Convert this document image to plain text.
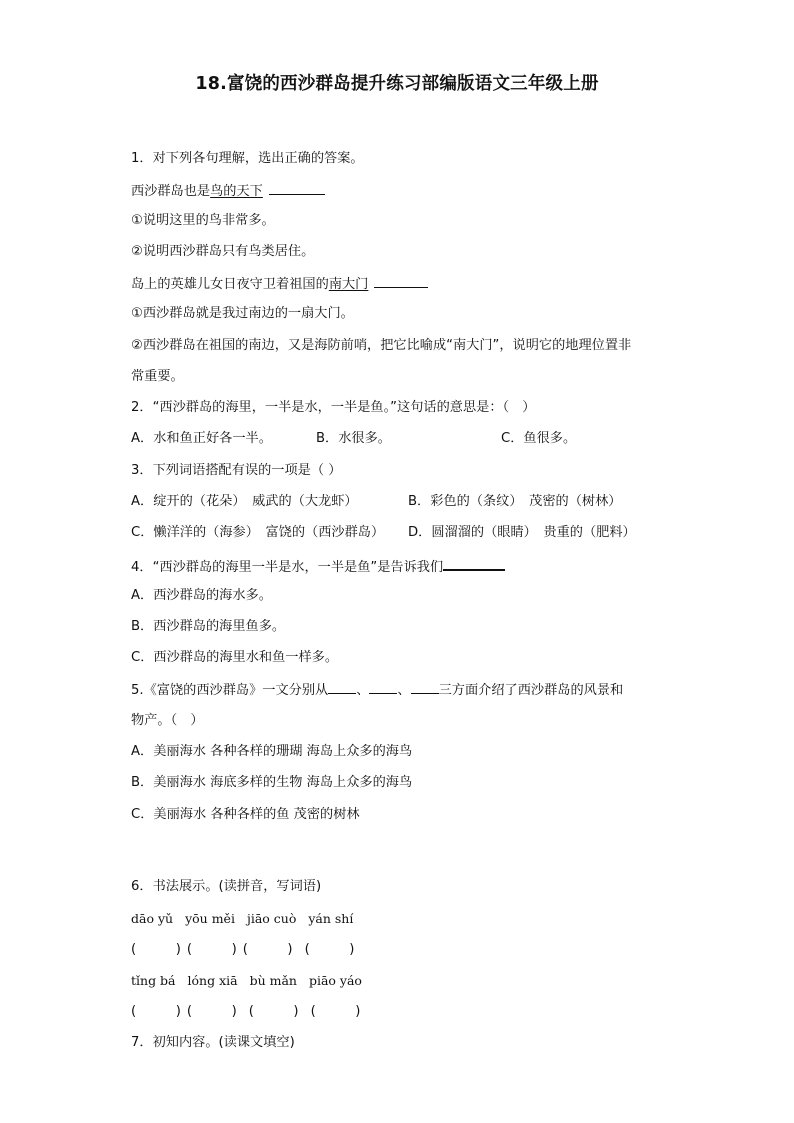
18.富饶的西沙群岛提升练习部编版语文三年级上册
1．对下列各句理解，选出正确的答案。
西沙群岛也是鸟的天下
①说明这里的鸟非常多。
②说明西沙群岛只有鸟类居住。
岛上的英雄儿女日夜守卫着祖国的南大门
①西沙群岛就是我过南边的一扇大门。
②西沙群岛在祖国的南边，又是海防前哨，把它比喻成“南大门”，说明它的地理位置非
常重要。
2．“西沙群岛的海里，一半是水，一半是鱼。”这句话的意思是：（　）
A．水和鱼正好各一半。	B．水很多。	C．鱼很多。
3．下列词语搭配有误的一项是（ ）
A．绽开的（花朵）　威武的（大龙虾）	B．彩色的（条纹）　茂密的（树林）
C．懒洋洋的（海参）　富饶的（西沙群岛） D．圆溜溜的（眼睛）　贵重的（肥料）
4．“西沙群岛的海里一半是水，一半是鱼”是告诉我们
A．西沙群岛的海水多。
B．西沙群岛的海里鱼多。
C．西沙群岛的海里水和鱼一样多。
5.《富饶的西沙群岛》一文分别从 、 、 三方面介绍了西沙群岛的风景和
物产。（　）
A．美丽海水 各种各样的珊瑚 海岛上众多的海鸟
B．美丽海水 海底多样的生物 海岛上众多的海鸟
C．美丽海水 各种各样的鱼 茂密的树林
6．书法展示。(读拼音，写词语)
dāo yǔ yōu měi jiāo cuò yán shí
(　　　) (　　　) (　　　) (　　　)
tǐng bá lóng xiā bù mǎn piāo yáo
(　　　) (　　　) (　　　) (　　　)
7．初知内容。(读课文填空)
